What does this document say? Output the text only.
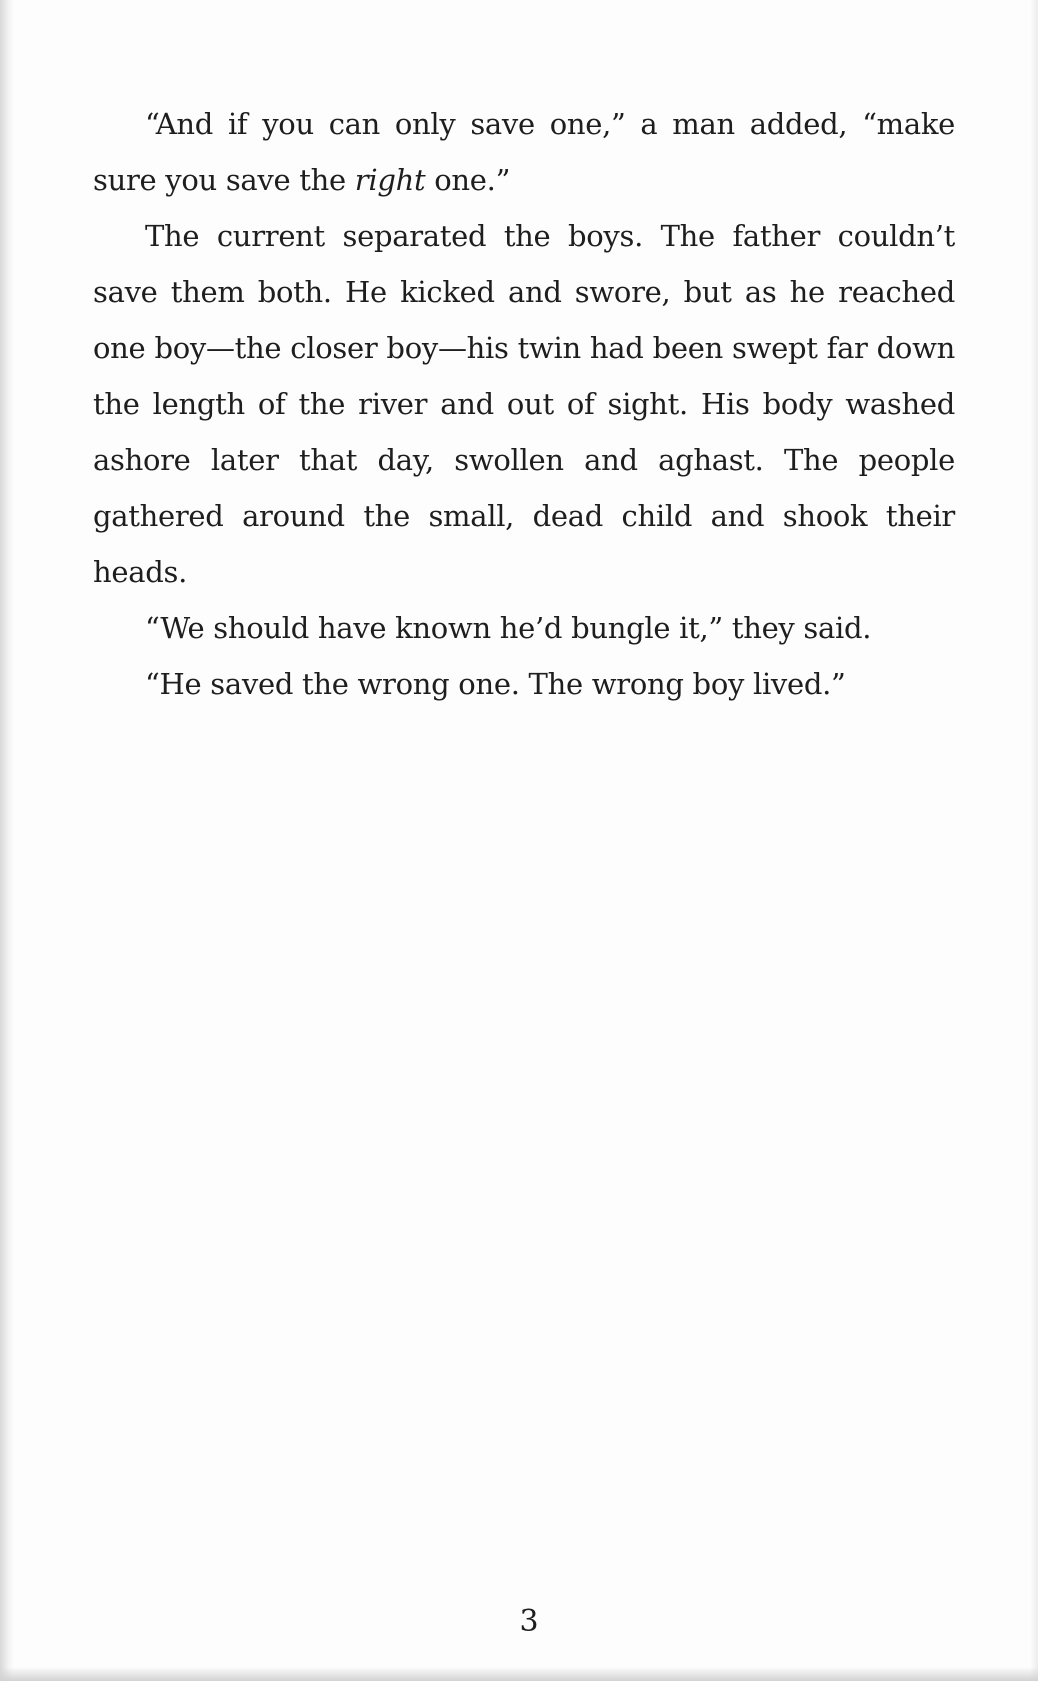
“And if you can only save one,” a man added, “make sure you save the right one.”

The current separated the boys. The father couldn’t save them both. He kicked and swore, but as he reached one boy—the closer boy—his twin had been swept far down the length of the river and out of sight. His body washed ashore later that day, swollen and aghast. The people gathered around the small, dead child and shook their heads.

“We should have known he’d bungle it,” they said.

“He saved the wrong one. The wrong boy lived.”

3
